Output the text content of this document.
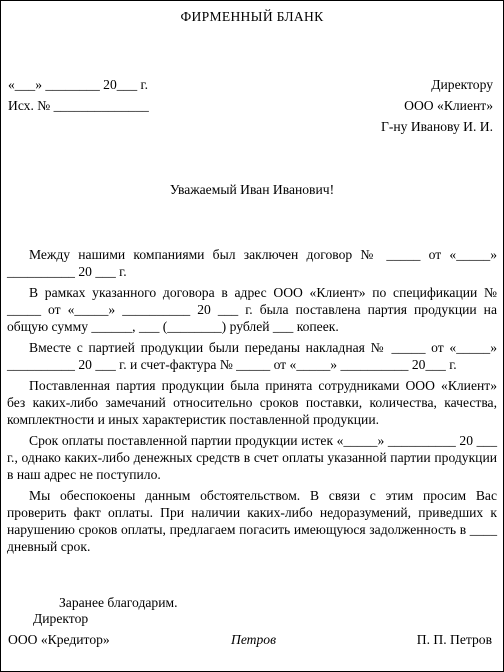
ФИРМЕННЫЙ БЛАНК
«___» ________ 20___ г.
Исх. № ______________
Директору
ООО «Клиент»
Г-ну Иванову И. И.
Уважаемый Иван Иванович!

Между нашими компаниями был заключен договор № _____ от «_____» __________ 20 ___ г.

В рамках указанного договора в адрес ООО «Клиент» по спецификации № _____ от «_____» __________ 20 ___ г. была поставлена партия продукции на общую сумму ______, ___ (________) рублей ___ копеек.

Вместе с партией продукции были переданы накладная № _____ от «_____» __________ 20 ___ г. и счет-фактура № _____ от «_____» __________ 20___ г.

Поставленная партия продукции была принята сотрудниками ООО «Клиент» без каких-либо замечаний относительно сроков поставки, количества, качества, комплектности и иных характеристик поставленной продукции.

Срок оплаты поставленной партии продукции истек «_____» __________ 20 ___ г., однако каких-либо денежных средств в счет оплаты указанной партии продукции в наш адрес не поступило.

Мы обеспокоены данным обстоятельством. В связи с этим просим Вас проверить факт оплаты. При наличии каких-либо недоразумений, приведших к нарушению сроков оплаты, предлагаем погасить имеющуюся задолженность в ____ дневный срок.

Заранее благодарим.
Директор
ООО «Кредитор»	Петров	П. П. Петров
